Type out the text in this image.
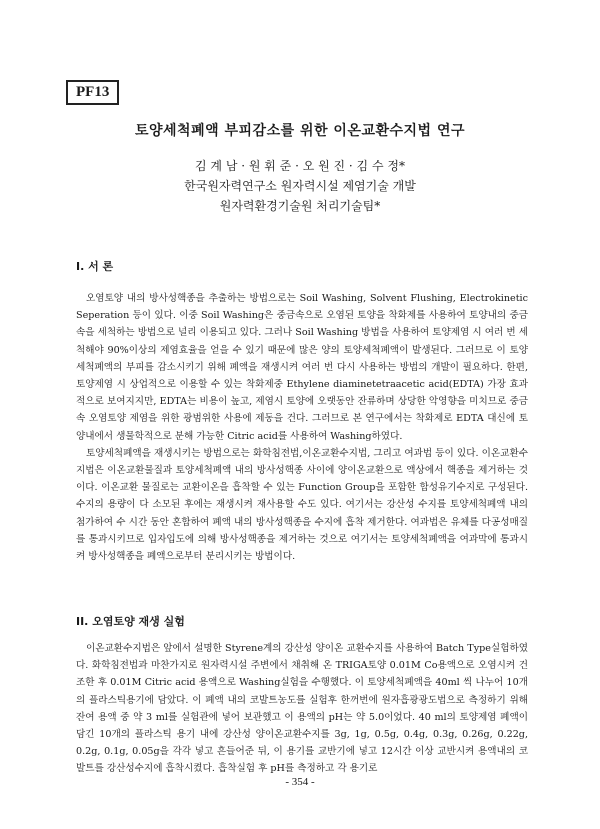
PF13
토양세척폐액 부피감소를 위한 이온교환수지법 연구
김 계 남 · 원 휘 준 · 오 원 진 · 김 수 정*
한국원자력연구소 원자력시설 제염기술 개발
원자력환경기술원 처리기술팀*
I. 서 론

오염토양 내의 방사성핵종을 추출하는 방법으로는 Soil Washing, Solvent Flushing, Electrokinetic Seperation 등이 있다. 이중 Soil Washing은 중금속으로 오염된 토양을 착화제를 사용하여 토양내의 중금속을 세척하는 방법으로 널리 이용되고 있다. 그러나 Soil Washing 방법을 사용하여 토양제염 시 여러 번 세척해야 90%이상의 제염효율을 얻을 수 있기 때문에 많은 양의 토양세척폐액이 발생된다. 그러므로 이 토양세척폐액의 부피를 감소시키기 위해 폐액을 재생시켜 여러 번 다시 사용하는 방법의 개발이 필요하다. 한편,토양제염 시 상업적으로 이용할 수 있는 착화제중 Ethylene diaminetetraacetic acid(EDTA) 가장 효과적으로 보여지지만, EDTA는 비용이 높고, 제염시 토양에 오랫동안 잔류하며 상당한 악영향을 미치므로 중금속 오염토양 제염을 위한 광범위한 사용에 제동을 건다. 그러므로 본 연구에서는 착화제로 EDTA 대신에 토양내에서 생물학적으로 분해 가능한 Citric acid를 사용하여 Washing하였다.

토양세척폐액을 재생시키는 방법으로는 화학침전법,이온교환수지법, 그리고 여과법 등이 있다. 이온교환수지법은 이온교환물질과 토양세척폐액 내의 방사성핵종 사이에 양이온교환으로 액상에서 핵종을 제거하는 것이다. 이온교환 물질로는 교환이온을 흡착할 수 있는 Function Group을 포함한 합성유기수지로 구성된다. 수지의 용량이 다 소모된 후에는 재생시켜 재사용할 수도 있다. 여기서는 강산성 수지를 토양세척폐액 내의 첨가하여 수 시간 동안 혼합하여 폐액 내의 방사성핵종을 수지에 흡착 제거한다. 여과법은 유체를 다공성매질를 통과시키므로 입자입도에 의해 방사성핵종을 제거하는 것으로 여기서는 토양세척폐액을 여과막에 통과시켜 방사성핵종을 폐액으로부터 분리시키는 방법이다.

II. 오염토양 재생 실험

이온교환수지법은 앞에서 설명한 Styrene계의 강산성 양이온 교환수지를 사용하여 Batch Type실험하였다. 화학침전법과 마찬가지로 원자력시설 주변에서 채취해 온 TRIGA토양 0.01M Co용액으로 오염시켜 건조한 후 0.01M Citric acid 용액으로 Washing실험을 수행했다. 이 토양세척폐액을 40ml 씩 나누어 10개의 플라스틱용기에 담았다. 이 폐액 내의 코발트농도를 실험후 한꺼번에 원자흡광광도법으로 측정하기 위해 잔여 용액 중 약 3 ml를 실험관에 넣어 보관했고 이 용액의 pH는 약 5.0이었다. 40 ml의 토양제염 폐액이 담긴 10개의 플라스틱 용기 내에 강산성 양이온교환수지를 3g, 1g, 0.5g, 0.4g, 0.3g, 0.26g, 0.22g, 0.2g, 0.1g, 0.05g을 각각 넣고 흔들어준 뒤, 이 용기를 교반기에 넣고 12시간 이상 교반시켜 용액내의 코발트를 강산성수지에 흡착시켰다. 흡착실험 후 pH를 측정하고 각 용기로

- 354 -
